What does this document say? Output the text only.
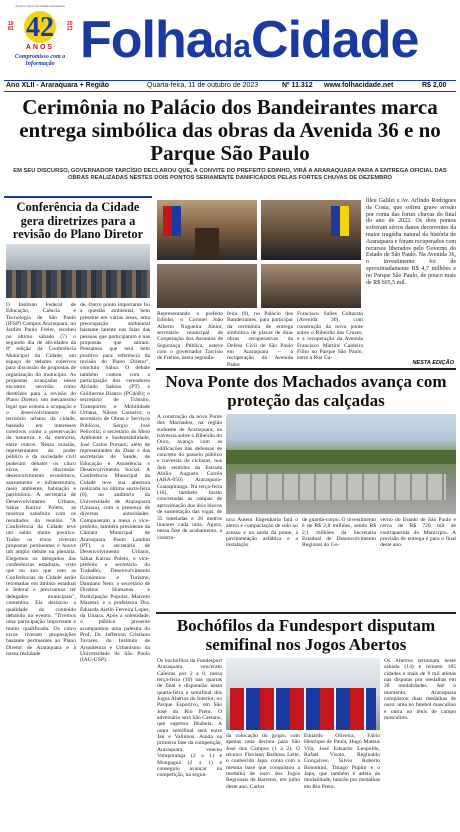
Arquivo Jornal da Cidade Araraquara
1981
2023
42
ANOS
Compromisso com a Informação FolhadaCidade
Ano XLII - Araraquara + Região	Quarta-feira, 11 de outubro de 2023	Nº 11.312 www.folhacidade.net	R$ 2,00
Cerimônia no Palácio dos Bandeirantes marca entrega simbólica das obras da Avenida 36 e no Parque São Paulo
EM SEU DISCURSO, GOVERNADOR TARCÍSIO DECLAROU QUE, A CONVITE DO PREFEITO EDINHO, VIRÁ A ARARAQUARA PARA A ENTREGA OFICIAL DAS OBRAS REALIZADAS NESTES DOIS PONTOS SERIAMENTE DANIFICADOS PELAS FORTES CHUVAS DE DEZEMBRO
Conferência da Cidade gera diretrizes para a revisão do Plano Diretor
O Instituto Federal de Educação, Ciência e Tecnologia de São Paulo (IFSP) Campus Araraquara, no Jardim Paulo Freire, recebeu no último sábado (7) o segundo dia de atividades da 8ª edição da Conferência Municipal da Cidade, um espaço de debates coletivos para discussão de propostas de organização do município. As propostas avançadas nesse encontro servirão como diretrizes para a revisão do Plano Diretor, um mecanismo legal que orienta a ocupação e o desenvolvimento do território urbano da cidade, baseado em interesses coletivos como a preservação da natureza e da memória, entre outros. Nessa ocasião, representantes do poder público e da sociedade civil puderam debater os cinco eixos de discussão: desenvolvimento econômico, saneamento e infraestrutura, meio ambiente, habitação e patrimônio. A secretária de Desenvolvimento Urbano, Sálua Kairuz Poleto, se mostrou satisfeita com os resultados da reunião. "A Conferência da Cidade teve um saldo muito positivo. Todos os eixos tiveram propostas pertinentes e houve um amplo debate na plenária. Elegemos os delegados das conferências estaduais, visto que no ano que vem as Conferências da Cidade serão retomadas em âmbito estadual e federal e precisamos ter delegados municipais", comentou. Ela destacou a qualidade do conteúdo debatido no evento. "Tivemos uma participação importante e muito qualificada. Os cinco eixos tiveram proposições bastante pertinentes ao Plano Diretor de Araraquara e à nossa realidade
de. Outro ponto importante foi a questão ambiental, bem presente em várias áreas, uma preocupação ambiental bastante latente nas falas das pessoas que participaram e nas propostas que saíram. Pensamos que será bem positivo para referência da revisão do Plano Diretor", concluiu Sálua. O debate também contou com a participação dos vereadores Alcindo Sabino (PT) e Guilherme Bianco (PCdoB); o secretário de Trânsito, Transportes e Mobilidade Urbana, Nilson Carneiro; o secretário de Obras e Serviços Públicos, Sergio José Pelicolla; o secretário do Meio Ambiente e Sustentabilidade, José Carlos Porsani; além de representantes do Daae e das secretarias de Saúde, de Educação e Assistência e Desenvolvimento Social. A Conferência Municipal da Cidade teve sua abertura realizada na última sexta-feira (6), no auditório da Universidade de Araraquara (Uniara), com a presença de diversas autoridades. Compuseram a mesa o vice-prefeito, também presidente da Câmara Municipal de Araraquara, Paulo Landim (PT), a secretária de Desenvolvimento Urbano, Sálua Kairuz Poleto, o vice-prefeito e secretário do Trabalho, Desenvolvimento Econômico e Turismo, Damiano Neto; o secretário de Direitos Humanos e Participação Popular, Marcelo Mazetai; e a professora Dra. Eduarda Aiello Ferreira Lopes, da Uniara. Após a solenidade, o público presente acompanhou uma palestra do Prof. Dr. Jefferson Cristiano Tavares, do Instituto de Arquitetura e Urbanismo da Universidade de São Paulo (IAU-USP).
Representando o prefeito Edinho, o Coronel João Alberto Nogueira Júnior, secretário municipal de Cooperação dos Assuntos de Segurança Pública, esteve com o governador Tarcísio de Freitas, nesta segunda-
feira (9), no Palácio dos Bandeirantes, para participar da cerimônia de entrega simbólica de placas de duas obras recuperativas da Defesa Civil de São Paulo em Araraquara – a recuperação da Avenida Padre
Francisco Salles Colturato (Avenida 36), com construção da nova ponte sobre o Ribeirão das Cruzes, e a recuperação da Avenida Francisco Martins Caldeira Filho no Parque São Paulo, entre a Rua Ga-
lileu Galilei e Av. Arlindo Rodrigues da Costa, que sofreu grave erosão por conta das fortes chuvas do final do ano de 2022. Os dois pontos sofreram sérios danos decorrentes da maior tragédia natural da história de Araraquara e foram recuperados com recursos liberados pelo Governo do Estado de São Paulo. Na Avenida 36, o investimento foi de aproximadamente R$ 4,7 milhões e no Parque São Paulo, de pouco mais de R$ 605,5 mil.
NESTA EDIÇÃO
Nova Ponte dos Machados avança com proteção das calçadas
A construção da nova Ponte dos Machados, na região sudoeste de Araraquara, na travessia sobre o Ribeirão do Ouro, avança com as edificações das defensas de concreto do passeio público e travessia de ciclistas, nos dois sentidos da Estrada Abílio Augusto Corrêa (ARA-050) Araraquara-Guarapiranga. Na terça-feira (10), também foram concretadas as rampas de aproximação dos dois blocos de sustentação das vigas, de 35 toneladas e 26 metros lineares cada uma. Agora, nessa fase de acabamento, a constru-
tora Autem Engenharia fará o aterro e compactação de solo no acesso e na saída da ponte, a pavimentação asfáltica e a instalação
de guarda-corpo. O investimento é de R$ 2,8 milhões, sendo R$ 2,1 milhões da Secretaria Estadual de Desenvolvimento Regional do Go-
verno do Estado de São Paulo e cerca de R$ 720 mil de contrapartida do Município. A previsão de entrega é para o final deste ano.
Bochófilos da Fundesport disputam semifinal nos Jogos Abertos
Os bochófilos da Fundesport Araraquara venceram Caieiras por 2 a 0, nessa terça-feira (10) nas quartas de final e disputarão nesta quarta-feira a semifinal dos Jogos Abertos do Interior, no Parque Esportivo, em São José do Rio Preto. O adversário será São Caetano, que superou Ilhabela. A outra semifinal será entre Jaú e Valinhos. Ainda na primeira fase da competição, Araraquara venceu Votuporanga (2 a 1) e Mongaguá (2 a 1) e conseguiu avançar na competição, na segun-
da colocação do grupo, com apenas uma derrota para São José dos Campos (1 a 2). O técnico Flaviano Barbosa Leite, o conhecido Japa, conta com a mesma base que conquistou a medalha de ouro dos Jogos Regionais de Barretos, em julho deste ano. Carlos
Eduardo Oliveira, Fábio Henrique de Paula, Hugo Mateus Vila, José Eduardo Leopoldo, Rafael Visoto, Reginaldo Gonçalves, Silvio Roberto Bonomini, Thiago Pupim e o Japa, que também é atleta da modalidade, lutarão por medalhas em Rio Preto.
Os Abertos terminam neste sábado (14) e reúnem 185 cidades e mais de 8 mil atletas nas disputas por medalhas em 28 modalidades. Até o momento, Araraquara conquistou duas medalhas de ouro: uma no futebol masculino e outra no tênis de campo masculino.
